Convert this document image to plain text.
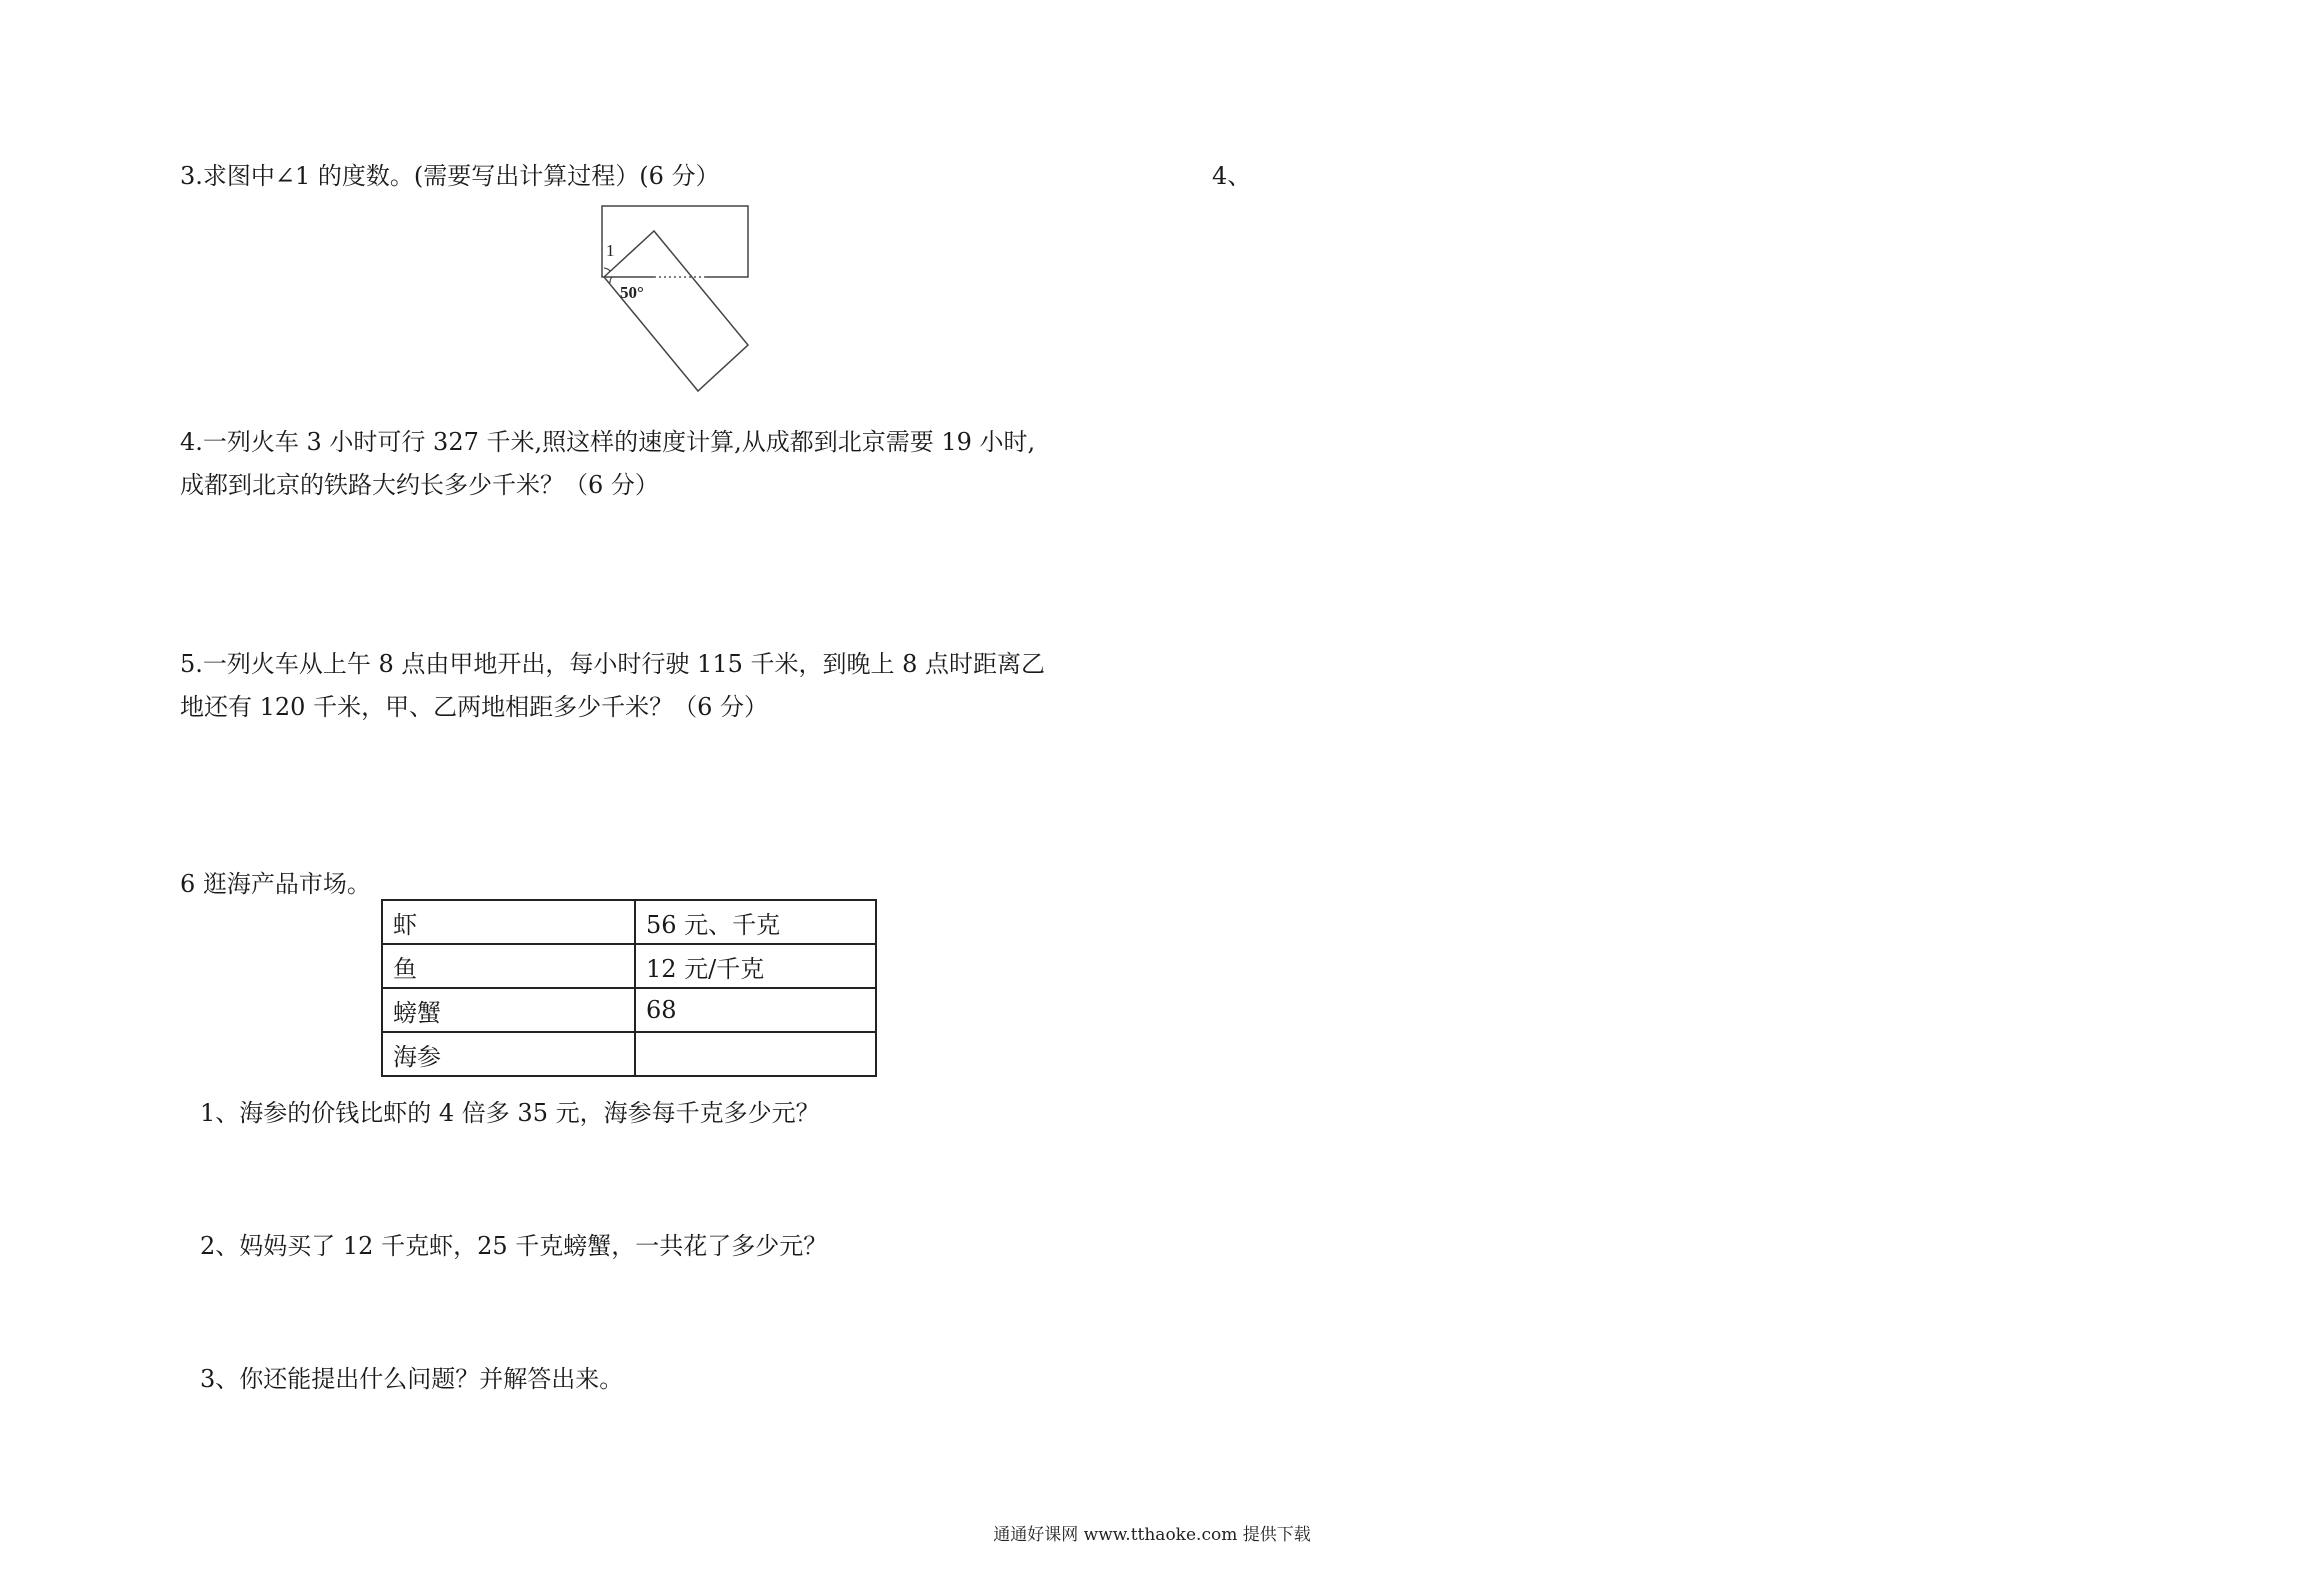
3.求图中∠1 的度数。(需要写出计算过程）(6 分）
1
50°
4.一列火车 3 小时可行 327 千米,照这样的速度计算,从成都到北京需要 19 小时,
成都到北京的铁路大约长多少千米？（6 分）
5.一列火车从上午 8 点由甲地开出，每小时行驶 115 千米，到晚上 8 点时距离乙
地还有 120 千米，甲、乙两地相距多少千米？（6 分）
6 逛海产品市场。
虾	56 元、千克
鱼	12 元/千克
螃蟹	68
海参	
1、海参的价钱比虾的 4 倍多 35 元，海参每千克多少元？
2、妈妈买了 12 千克虾，25 千克螃蟹，一共花了多少元？
3、你还能提出什么问题？并解答出来。
4、
通通好课网 www.tthaoke.com 提供下载
